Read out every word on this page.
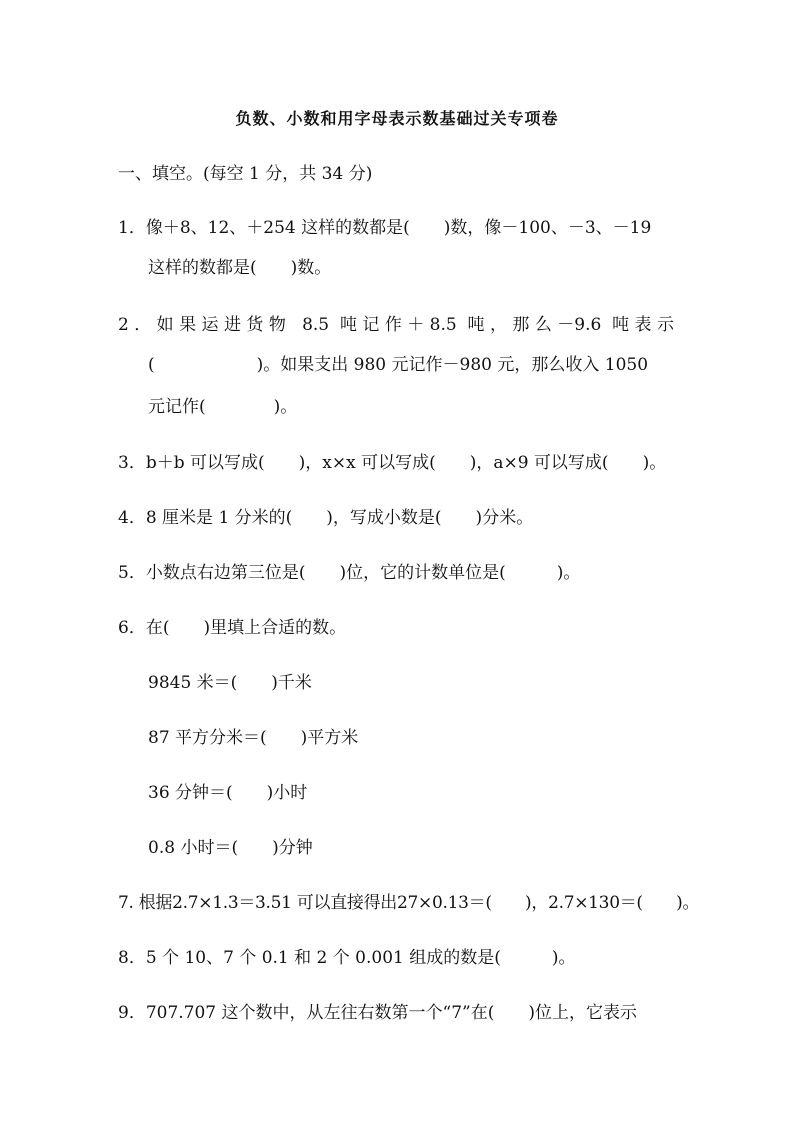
负数、小数和用字母表示数基础过关专项卷
一、填空。(每空 1 分，共 34 分)
1．像＋8、12、＋254 这样的数都是(　　)数，像－100、－3、－19
这样的数都是(　　)数。
2．如果运进货物 8.5 吨记作＋8.5 吨，那么－9.6 吨表示
(　　　　　　)。如果支出 980 元记作－980 元，那么收入 1050
元记作(　　　　)。
3．b＋b 可以写成(　　)，x×x 可以写成(　　)，a×9 可以写成(　　)。
4．8 厘米是 1 分米的(　　)，写成小数是(　　)分米。
5．小数点右边第三位是(　　)位，它的计数单位是(　　　)。
6．在(　　)里填上合适的数。
9845 米＝(　　)千米
87 平方分米＝(　　)平方米
36 分钟＝(　　)小时
0.8 小时＝(　　)分钟
7. 根据2.7×1.3＝3.51 可以直接得出27×0.13＝(　　)，2.7×130＝(　　)。
8．5 个 10、7 个 0.1 和 2 个 0.001 组成的数是(　　　)。
9．707.707 这个数中，从左往右数第一个“7”在(　　)位上，它表示
